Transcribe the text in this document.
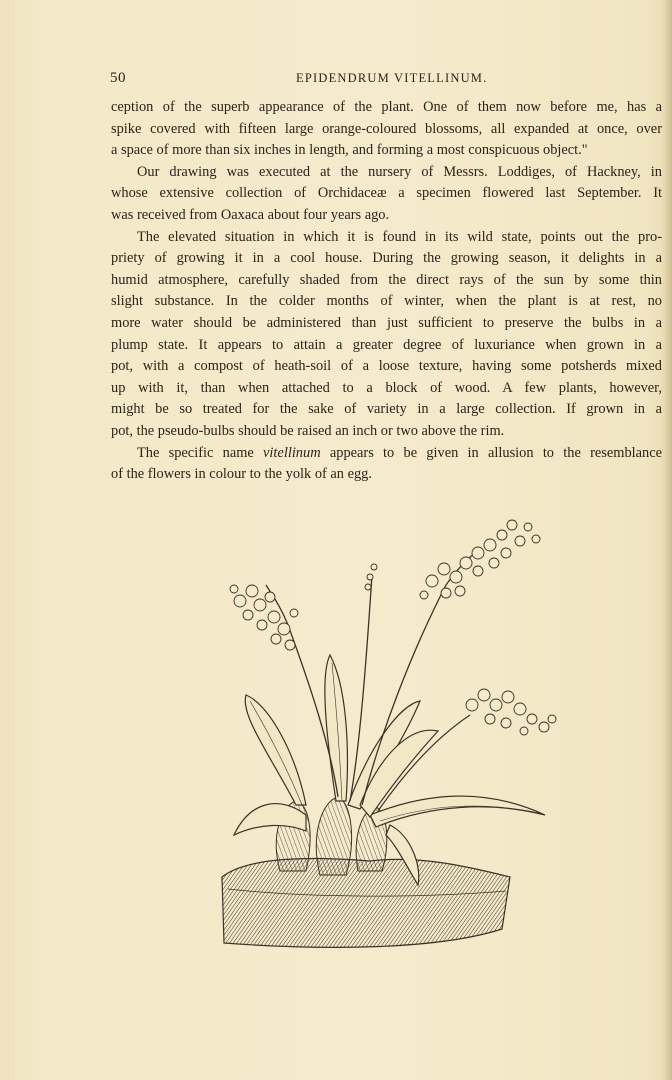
50	EPIDENDRUM VITELLINUM.
ception of the superb appearance of the plant. One of them now before me, has a
spike covered with fifteen large orange-coloured blossoms, all expanded at once, over
a space of more than six inches in length, and forming a most conspicuous object."
Our drawing was executed at the nursery of Messrs. Loddiges, of Hackney, in
whose extensive collection of Orchidaceæ a specimen flowered last September. It
was received from Oaxaca about four years ago.
The elevated situation in which it is found in its wild state, points out the pro-
priety of growing it in a cool house. During the growing season, it delights in a
humid atmosphere, carefully shaded from the direct rays of the sun by some thin
slight substance. In the colder months of winter, when the plant is at rest, no
more water should be administered than just sufficient to preserve the bulbs in a
plump state. It appears to attain a greater degree of luxuriance when grown in a
pot, with a compost of heath-soil of a loose texture, having some potsherds mixed
up with it, than when attached to a block of wood. A few plants, however,
might be so treated for the sake of variety in a large collection. If grown in a
pot, the pseudo-bulbs should be raised an inch or two above the rim.
The specific name vitellinum appears to be given in allusion to the resemblance
of the flowers in colour to the yolk of an egg.
